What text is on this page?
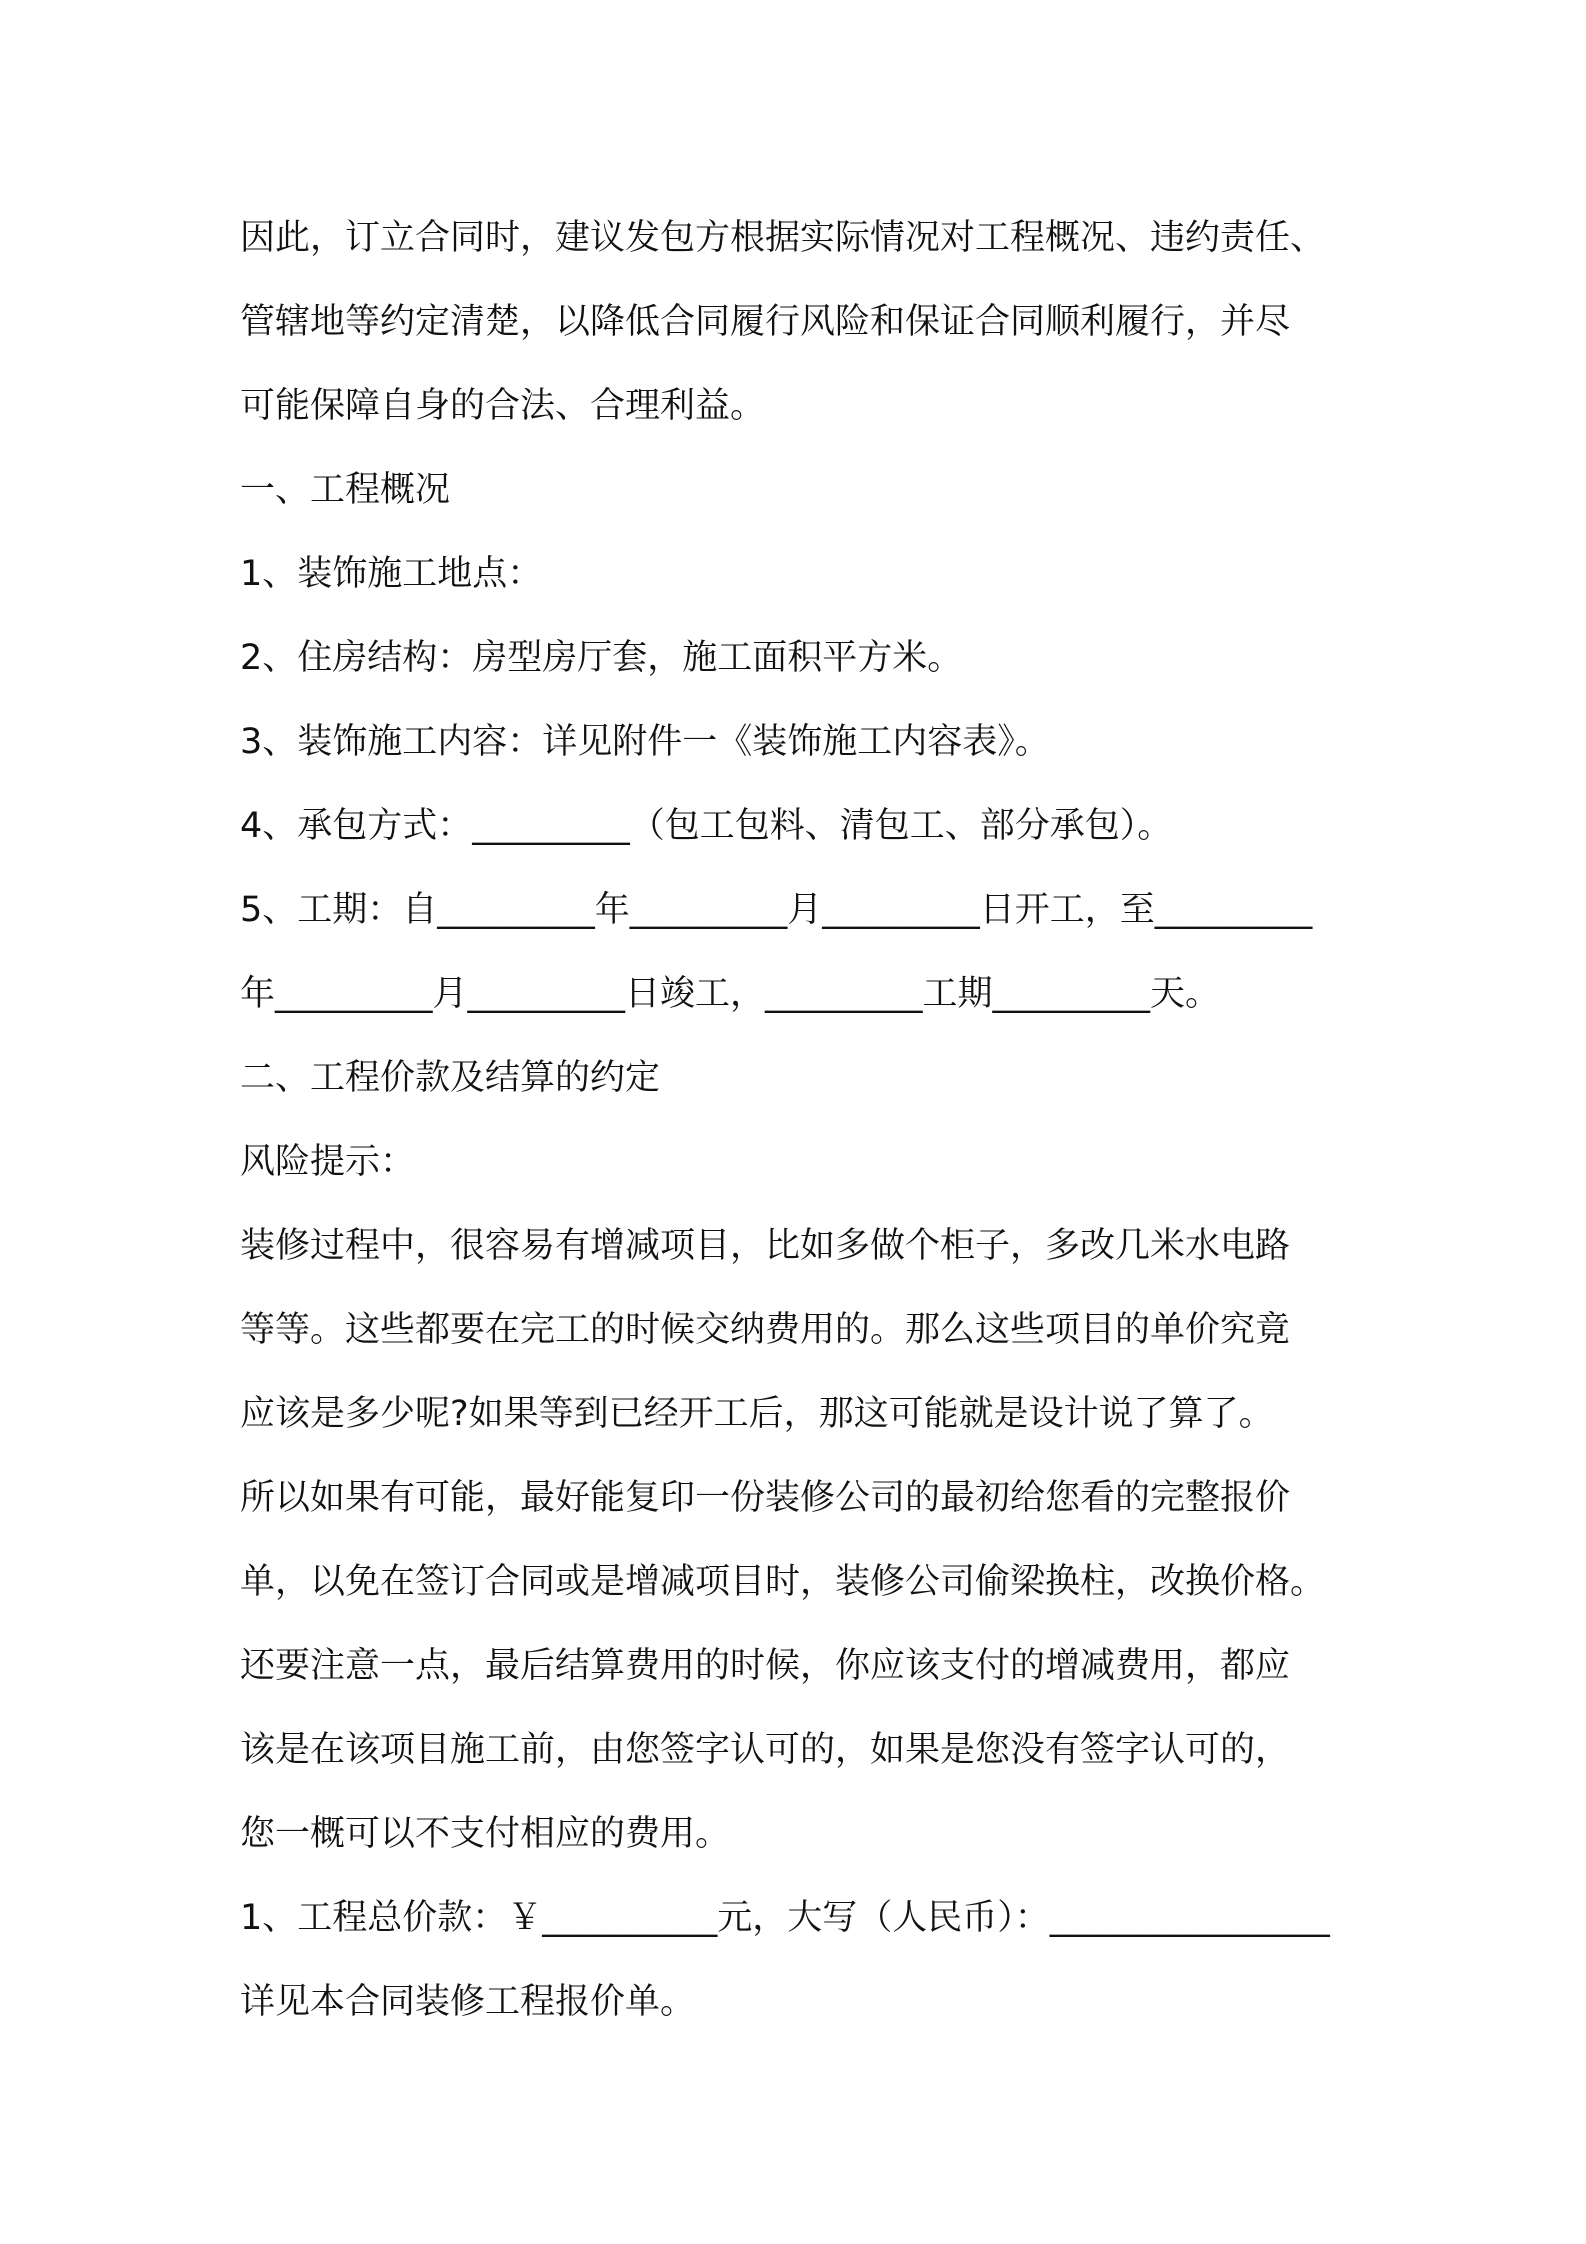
因此，订立合同时，建议发包方根据实际情况对工程概况、违约责任、
管辖地等约定清楚，以降低合同履行风险和保证合同顺利履行，并尽
可能保障自身的合法、合理利益。
一、工程概况
1、装饰施工地点：
2、住房结构：房型房厅套，施工面积平方米。
3、装饰施工内容：详见附件一《装饰施工内容表》。
4、承包方式：_________（包工包料、清包工、部分承包）。
5、工期：自_________年_________月_________日开工，至_________
年_________月_________日竣工，_________工期_________天。
二、工程价款及结算的约定
风险提示：
装修过程中，很容易有增减项目，比如多做个柜子，多改几米水电路
等等。这些都要在完工的时候交纳费用的。那么这些项目的单价究竟
应该是多少呢?如果等到已经开工后，那这可能就是设计说了算了。
所以如果有可能，最好能复印一份装修公司的最初给您看的完整报价
单，以免在签订合同或是增减项目时，装修公司偷梁换柱，改换价格。
还要注意一点，最后结算费用的时候，你应该支付的增减费用，都应
该是在该项目施工前，由您签字认可的，如果是您没有签字认可的，
您一概可以不支付相应的费用。
1、工程总价款：￥__________元，大写（人民币）：________________
详见本合同装修工程报价单。
